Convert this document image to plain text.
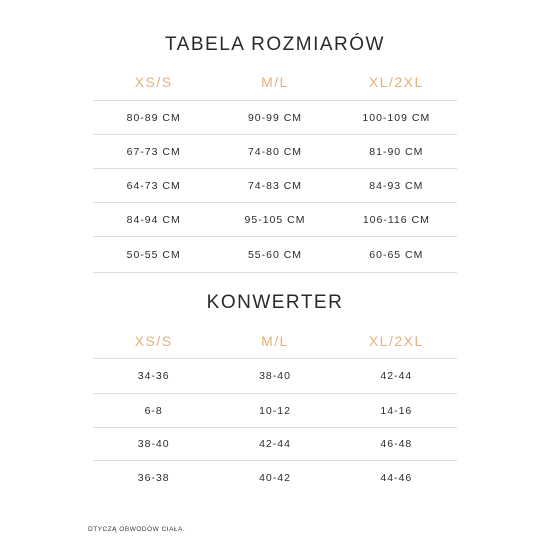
TABELA ROZMIARÓW
XS/S	M/L	XL/2XL
80-89 CM	90-99 CM	100-109 CM
67-73 CM	74-80 CM	81-90 CM
64-73 CM	74-83 CM	84-93 CM
84-94 CM	95-105 CM	106-116 CM
50-55 CM	55-60 CM	60-65 CM
KONWERTER
XS/S	M/L	XL/2XL
34-36	38-40	42-44
6-8	10-12	14-16
38-40	42-44	46-48
36-38	40-42	44-46

DTYCZĄ OBWODÓW CIAŁA.
